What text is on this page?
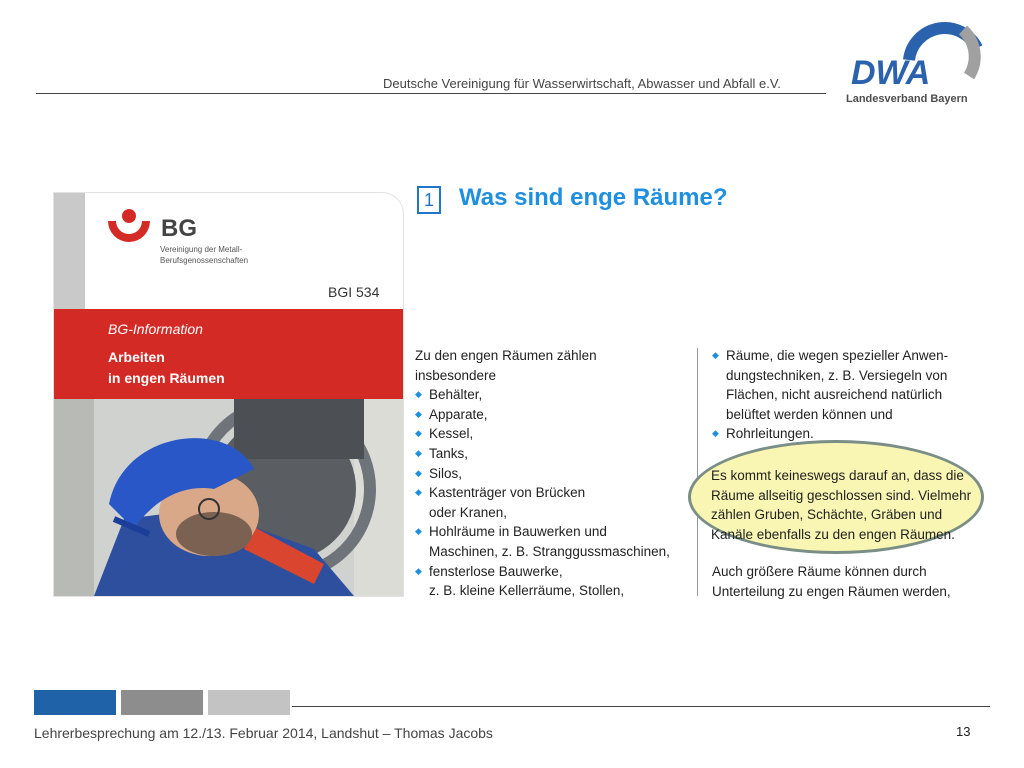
Deutsche Vereinigung für Wasserwirtschaft, Abwasser und Abfall e.V. DWA
Landesverband Bayern
BG
Vereinigung der Metall-Berufsgenossenschaften
BGI 534
BG-Information
Arbeiten
in engen Räumen
1 Was sind enge Räume?
Zu den engen Räumen zählen
insbesondere
◆ Behälter,
◆ Apparate,
◆ Kessel,
◆ Tanks,
◆ Silos,
◆ Kastenträger von Brücken
oder Kranen,
◆ Hohlräume in Bauwerken und
Maschinen, z. B. Stranggussmaschinen,
◆ fensterlose Bauwerke,
z. B. kleine Kellerräume, Stollen,
◆ Räume, die wegen spezieller Anwen-
dungstechniken, z. B. Versiegeln von
Flächen, nicht ausreichend natürlich
belüftet werden können und
◆ Rohrleitungen.
Es kommt keineswegs darauf an, dass die
Räume allseitig geschlossen sind. Vielmehr
zählen Gruben, Schächte, Gräben und
Kanäle ebenfalls zu den engen Räumen.
Auch größere Räume können durch
Unterteilung zu engen Räumen werden,
Lehrerbesprechung am 12./13. Februar 2014, Landshut – Thomas Jacobs	13
